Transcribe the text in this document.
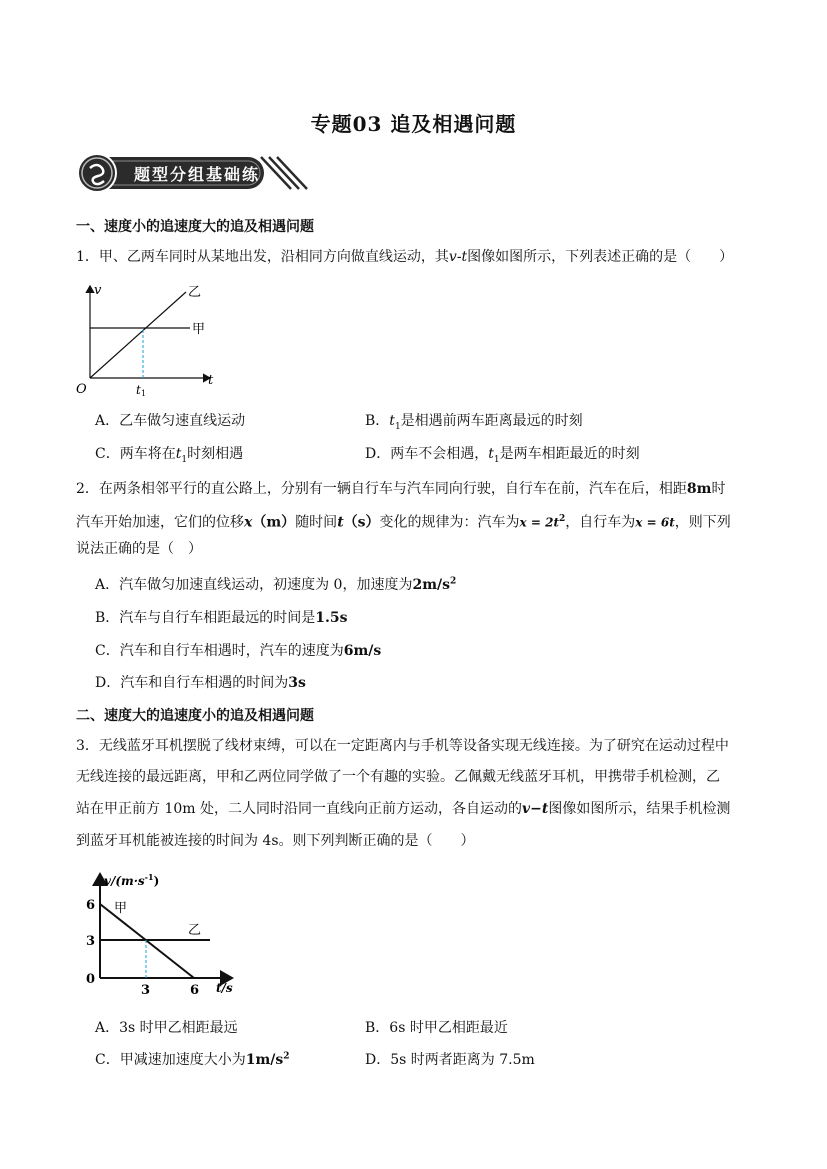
专题03 追及相遇问题
题型分组基础练
一、速度小的追速度大的追及相遇问题
1．甲、乙两车同时从某地出发，沿相同方向做直线运动，其v-t图像如图所示，下列表述正确的是（　　）
v
t
O	t 1
甲
乙
A．乙车做匀速直线运动	B．$t_1$是相遇前两车距离最远的时刻
C．两车将在$t_1$时刻相遇	D．两车不会相遇，$t_1$是两车相距最近的时刻
2．在两条相邻平行的直公路上，分别有一辆自行车与汽车同向行驶，自行车在前，汽车在后，相距8m时
汽车开始加速，它们的位移x（m）随时间t（s）变化的规律为：汽车为$x = 2t^2$，自行车为x = 6t，则下列
说法正确的是（　）
A．汽车做匀加速直线运动，初速度为 0，加速度为$2m/s^2$
B．汽车与自行车相距最远的时间是1.5s
C．汽车和自行车相遇时，汽车的速度为6m/s
D．汽车和自行车相遇的时间为3s
二、速度大的追速度小的追及相遇问题
3．无线蓝牙耳机摆脱了线材束缚，可以在一定距离内与手机等设备实现无线连接。为了研究在运动过程中
无线连接的最远距离，甲和乙两位同学做了一个有趣的实验。乙佩戴无线蓝牙耳机，甲携带手机检测，乙
站在甲正前方 10m 处，二人同时沿同一直线向正前方运动，各自运动的v−t图像如图所示，结果手机检测
到蓝牙耳机能被连接的时间为 4s。则下列判断正确的是（　　）
$v/(m\cdot s^{-1})$
6
3
0
3	6 t/s
甲
乙
A．3s 时甲乙相距最远	B．6s 时甲乙相距最近
C．甲减速加速度大小为$1m/s^2$	D．5s 时两者距离为 7.5m
